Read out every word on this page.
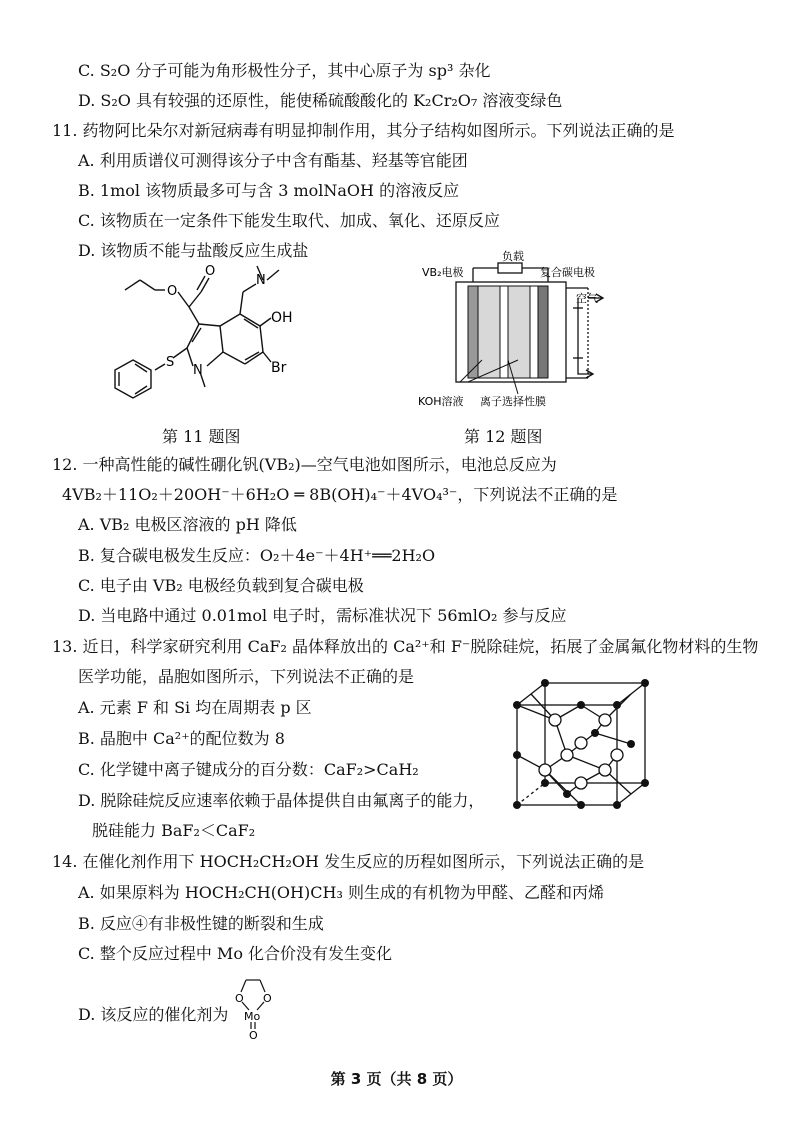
C. S₂O 分子可能为角形极性分子，其中心原子为 sp³ 杂化
D. S₂O 具有较强的还原性，能使稀硫酸酸化的 K₂Cr₂O₇ 溶液变绿色
11. 药物阿比朵尔对新冠病毒有明显抑制作用，其分子结构如图所示。下列说法正确的是
A. 利用质谱仪可测得该分子中含有酯基、羟基等官能团
B. 1mol 该物质最多可与含 3 molNaOH 的溶液反应
C. 该物质在一定条件下能发生取代、加成、氧化、还原反应
D. 该物质不能与盐酸反应生成盐
O
O
N
OH
Br
N
S
负载
VB₂电极	复合碳电极
空气
KOH溶液 离子选择性膜
第 11 题图	第 12 题图
12. 一种高性能的碱性硼化钒(VB₂)—空气电池如图所示，电池总反应为
4VB₂＋11O₂＋20OH⁻＋6H₂O ═ 8B(OH)₄⁻＋4VO₄³⁻，下列说法不正确的是
A. VB₂ 电极区溶液的 pH 降低
B. 复合碳电极发生反应：O₂＋4e⁻＋4H⁺══2H₂O
C. 电子由 VB₂ 电极经负载到复合碳电极
D. 当电路中通过 0.01mol 电子时，需标准状况下 56mlO₂ 参与反应
13. 近日，科学家研究利用 CaF₂ 晶体释放出的 Ca²⁺和 F⁻脱除硅烷，拓展了金属氟化物材料的生物
医学功能，晶胞如图所示，下列说法不正确的是
A. 元素 F 和 Si 均在周期表 p 区
B. 晶胞中 Ca²⁺的配位数为 8
C. 化学键中离子键成分的百分数：CaF₂>CaH₂
D. 脱除硅烷反应速率依赖于晶体提供自由氟离子的能力，
脱硅能力 BaF₂＜CaF₂
14. 在催化剂作用下 HOCH₂CH₂OH 发生反应的历程如图所示，下列说法正确的是
A. 如果原料为 HOCH₂CH(OH)CH₃ 则生成的有机物为甲醛、乙醛和丙烯
B. 反应④有非极性键的断裂和生成
C. 整个反应过程中 Mo 化合价没有发生变化
D. 该反应的催化剂为
O O
Mo
O
第 3 页（共 8 页）
